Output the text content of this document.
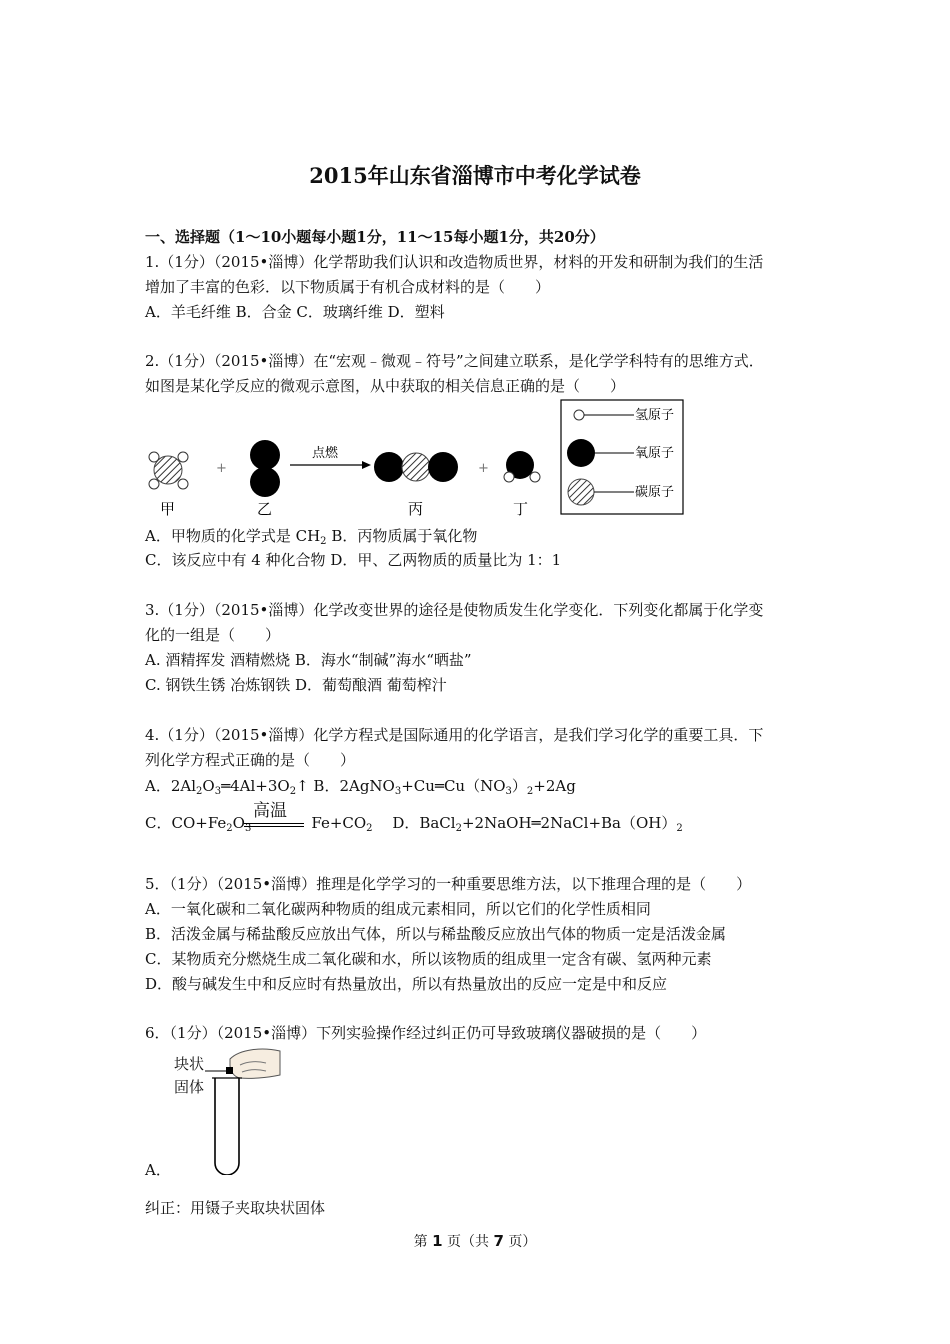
2015年山东省淄博市中考化学试卷
一、选择题（1～10小题每小题1分，11～15每小题1分，共20分）
1.（1分）（2015•淄博）化学帮助我们认识和改造物质世界，材料的开发和研制为我们的生活
增加了丰富的色彩．以下物质属于有机合成材料的是（　　）
A．羊毛纤维 B．合金 C．玻璃纤维 D．塑料
2.（1分）（2015•淄博）在“宏观﹣微观﹣符号”之间建立联系，是化学学科特有的思维方式．
如图是某化学反应的微观示意图，从中获取的相关信息正确的是（　　）
+
点燃
+
甲	乙	丙	丁
氢原子
氧原子
碳原子
A．甲物质的化学式是 $CH_2$ B．丙物质属于氧化物
C．该反应中有 4 种化合物 D．甲、乙两物质的质量比为 1：1
3.（1分）（2015•淄博）化学改变世界的途径是使物质发生化学变化．下列变化都属于化学变
化的一组是（　　）
A. 酒精挥发 酒精燃烧 B．海水“制碱”海水“晒盐”
C. 钢铁生锈 冶炼钢铁 D．葡萄酿酒 葡萄榨汁
4.（1分）（2015•淄博）化学方程式是国际通用的化学语言，是我们学习化学的重要工具．下
列化学方程式正确的是（　　）
A．$2Al_2O_3═4Al+3O_2↑$ B．$2AgNO_3+Cu═Cu(NO_3)_2+2Ag$
C．$CO+Fe_2O_3$	$Fe+CO_2$　 D．$BaCl_2+2NaOH═2NaCl+Ba(OH)_2$
高温
5．（1分）（2015•淄博）推理是化学学习的一种重要思维方法，以下推理合理的是（　　）
A．一氧化碳和二氧化碳两种物质的组成元素相同，所以它们的化学性质相同
B．活泼金属与稀盐酸反应放出气体，所以与稀盐酸反应放出气体的物质一定是活泼金属
C．某物质充分燃烧生成二氧化碳和水，所以该物质的组成里一定含有碳、氢两种元素
D．酸与碱发生中和反应时有热量放出，所以有热量放出的反应一定是中和反应
6．（1分）（2015•淄博）下列实验操作经过纠正仍可导致玻璃仪器破损的是（　　）
块状
固体
A．
纠正：用镊子夹取块状固体
第 1 页（共 7 页）
